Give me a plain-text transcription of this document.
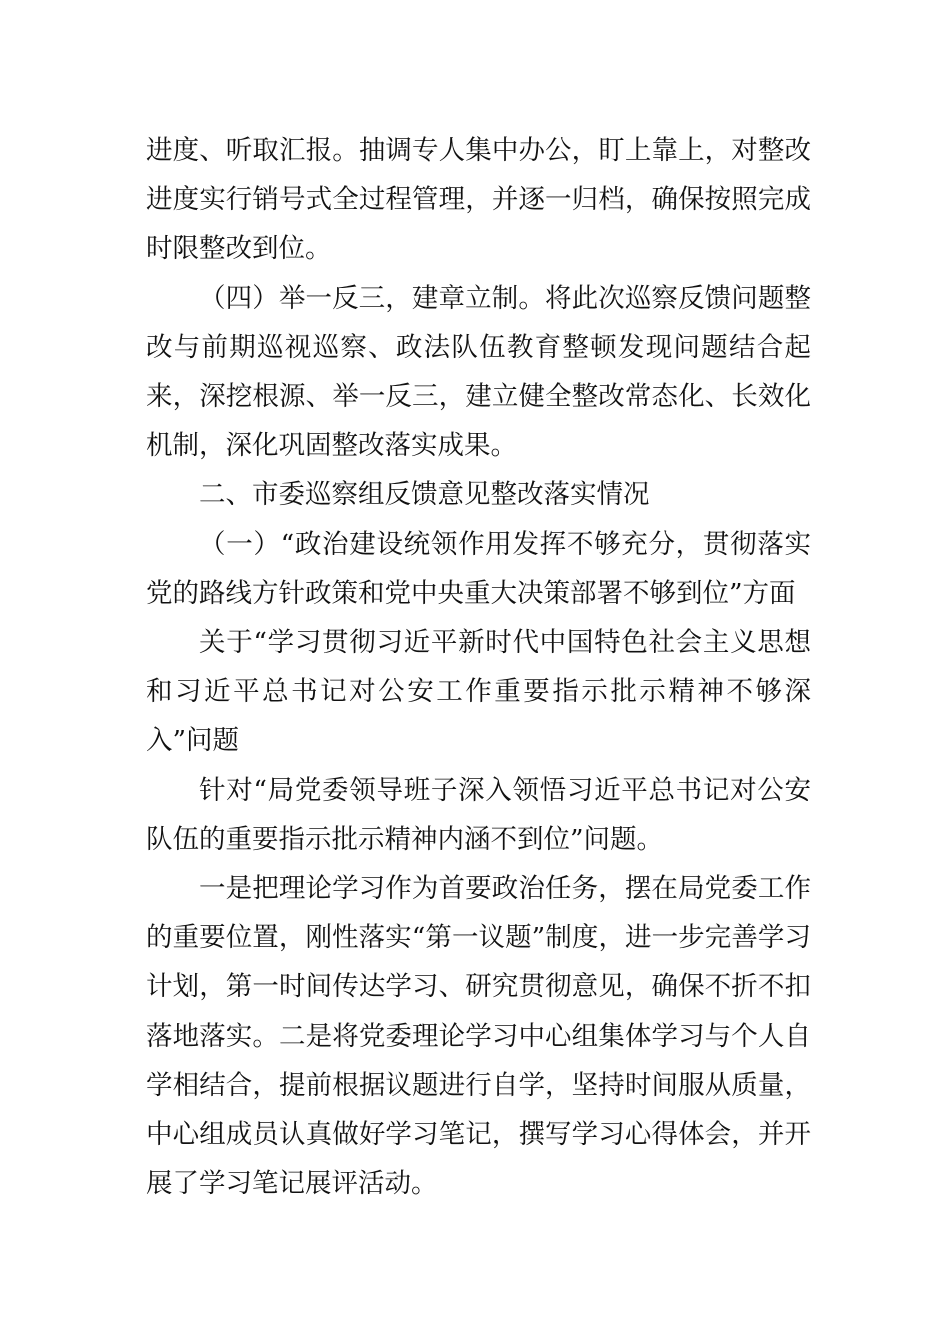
进度、听取汇报。抽调专人集中办公，盯上靠上，对整改进度实行销号式全过程管理，并逐一归档，确保按照完成时限整改到位。

（四）举一反三，建章立制。将此次巡察反馈问题整改与前期巡视巡察、政法队伍教育整顿发现问题结合起来，深挖根源、举一反三，建立健全整改常态化、长效化机制，深化巩固整改落实成果。

二、市委巡察组反馈意见整改落实情况

（一）“政治建设统领作用发挥不够充分，贯彻落实党的路线方针政策和党中央重大决策部署不够到位”方面

关于“学习贯彻习近平新时代中国特色社会主义思想和习近平总书记对公安工作重要指示批示精神不够深入”问题

针对“局党委领导班子深入领悟习近平总书记对公安队伍的重要指示批示精神内涵不到位”问题。

一是把理论学习作为首要政治任务，摆在局党委工作的重要位置，刚性落实“第一议题”制度，进一步完善学习计划，第一时间传达学习、研究贯彻意见，确保不折不扣落地落实。二是将党委理论学习中心组集体学习与个人自学相结合，提前根据议题进行自学，坚持时间服从质量，中心组成员认真做好学习笔记，撰写学习心得体会，并开展了学习笔记展评活动。
